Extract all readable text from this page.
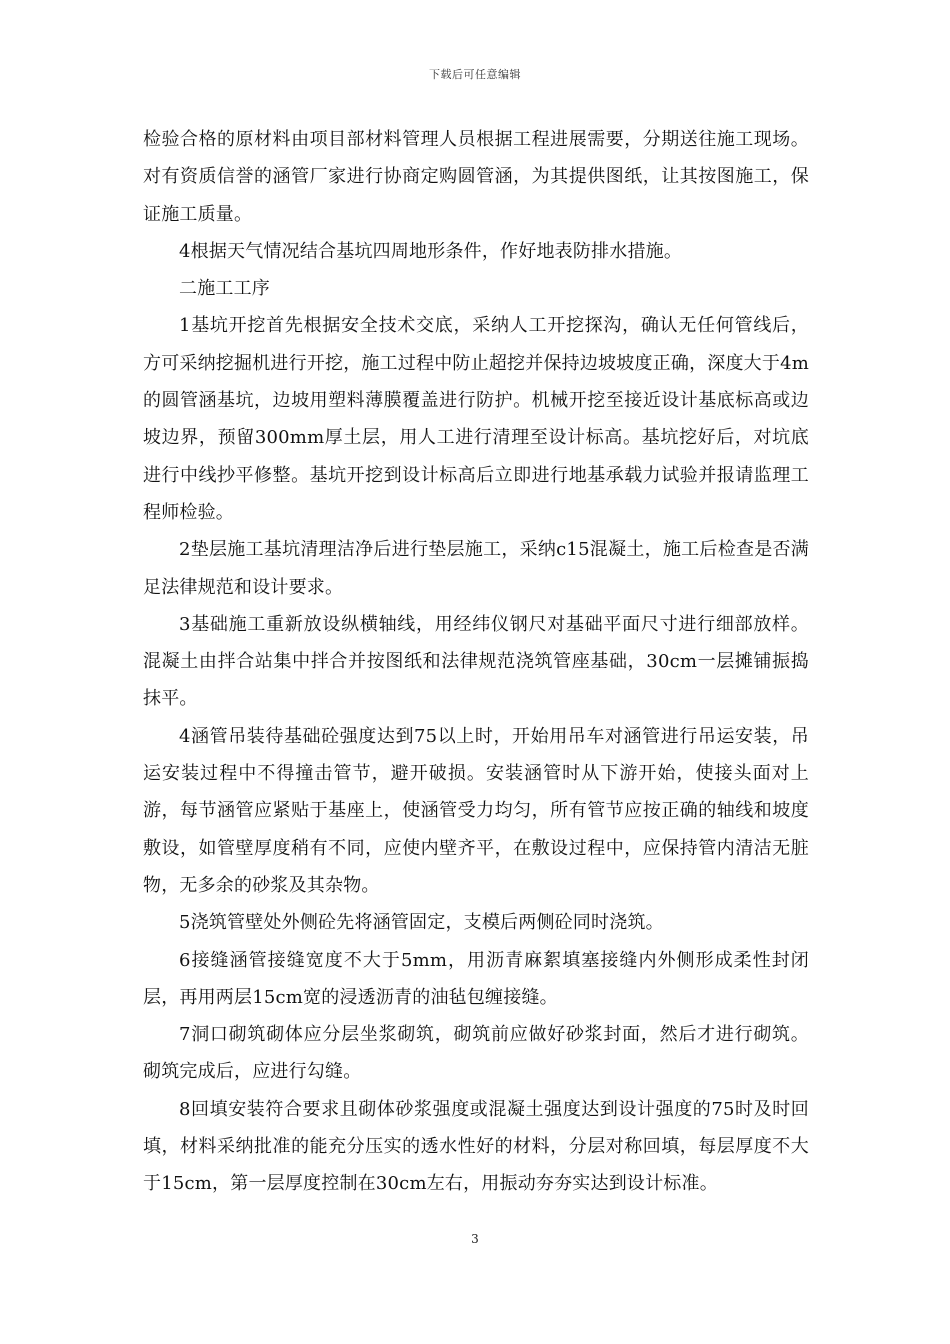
下载后可任意编辑

检验合格的原材料由项目部材料管理人员根据工程进展需要，分期送往施工现场。对有资质信誉的涵管厂家进行协商定购圆管涵，为其提供图纸，让其按图施工，保证施工质量。

4根据天气情况结合基坑四周地形条件，作好地表防排水措施。

二施工工序

1基坑开挖首先根据安全技术交底，采纳人工开挖探沟，确认无任何管线后，方可采纳挖掘机进行开挖，施工过程中防止超挖并保持边坡坡度正确，深度大于4m的圆管涵基坑，边坡用塑料薄膜覆盖进行防护。机械开挖至接近设计基底标高或边坡边界，预留300mm厚土层，用人工进行清理至设计标高。基坑挖好后，对坑底进行中线抄平修整。基坑开挖到设计标高后立即进行地基承载力试验并报请监理工程师检验。

2垫层施工基坑清理洁净后进行垫层施工，采纳c15混凝土，施工后检查是否满足法律规范和设计要求。

3基础施工重新放设纵横轴线，用经纬仪钢尺对基础平面尺寸进行细部放样。混凝土由拌合站集中拌合并按图纸和法律规范浇筑管座基础，30cm一层摊铺振捣抹平。

4涵管吊装待基础砼强度达到75以上时，开始用吊车对涵管进行吊运安装，吊运安装过程中不得撞击管节，避开破损。安装涵管时从下游开始，使接头面对上游，每节涵管应紧贴于基座上，使涵管受力均匀，所有管节应按正确的轴线和坡度敷设，如管壁厚度稍有不同，应使内壁齐平，在敷设过程中，应保持管内清洁无脏物，无多余的砂浆及其杂物。

5浇筑管壁处外侧砼先将涵管固定，支模后两侧砼同时浇筑。

6接缝涵管接缝宽度不大于5mm，用沥青麻絮填塞接缝内外侧形成柔性封闭层，再用两层15cm宽的浸透沥青的油毡包缠接缝。

7洞口砌筑砌体应分层坐浆砌筑，砌筑前应做好砂浆封面，然后才进行砌筑。砌筑完成后，应进行勾缝。

8回填安装符合要求且砌体砂浆强度或混凝土强度达到设计强度的75时及时回填，材料采纳批准的能充分压实的透水性好的材料，分层对称回填，每层厚度不大于15cm，第一层厚度控制在30cm左右，用振动夯夯实达到设计标准。

3
